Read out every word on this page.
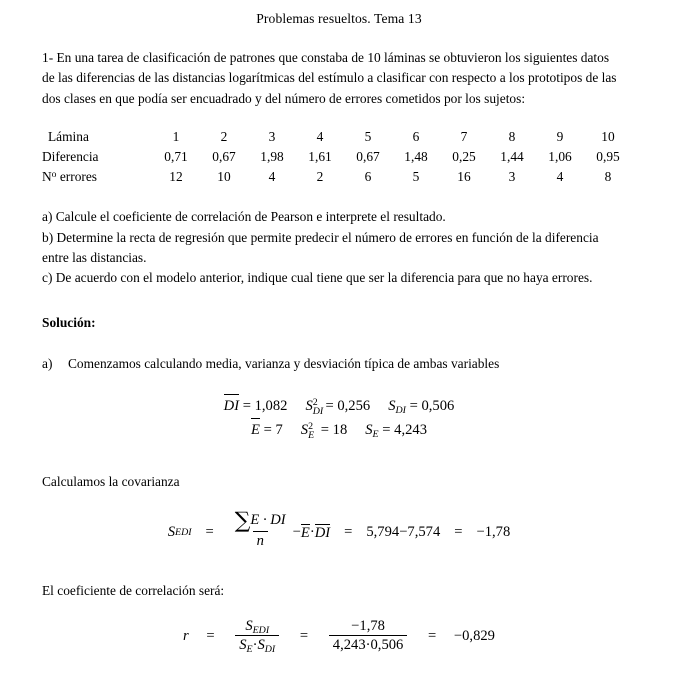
Problemas resueltos. Tema 13

1- En una tarea de clasificación de patrones que constaba de 10 láminas se obtuvieron los siguientes datos de las diferencias de las distancias logarítmicas del estímulo a clasificar con respecto a los prototipos de las dos clases en que podía ser encuadrado y del número de errores cometidos por los sujetos:

Lámina	1	2	3	4	5	6	7	8	9	10
Diferencia	0,71	0,67	1,98	1,61	0,67	1,48	0,25	1,44	1,06	0,95
$N^o$ errores	12	10	4	2	6	5	16	3	4	8

a) Calcule el coeficiente de correlación de Pearson e interprete el resultado.

b) Determine la recta de regresión que permite predecir el número de errores en función de la diferencia entre las distancias.

c) De acuerdo con el modelo anterior, indique cual tiene que ser la diferencia para que no haya errores.

Solución:
a) Comenzamos calculando media, varianza y desviación típica de ambas variables
DI = 1,082 S 2
DI = 0,256 $S_{DI} = 0,506$
E = 7 S 2
E = 18 $S_E = 4,243$
Calculamos la covarianza
S EDI = $\frac{\sum E \cdot DI}{n} - E$ · DI = 5,794 − 7,574 = −1,78
El coeficiente de correlación será:
$r = \frac{S_{EDI}}{S_E\cdot S_{DI}} = \frac{-1,78}{4,243\cdot 0,506} = -0,829$
